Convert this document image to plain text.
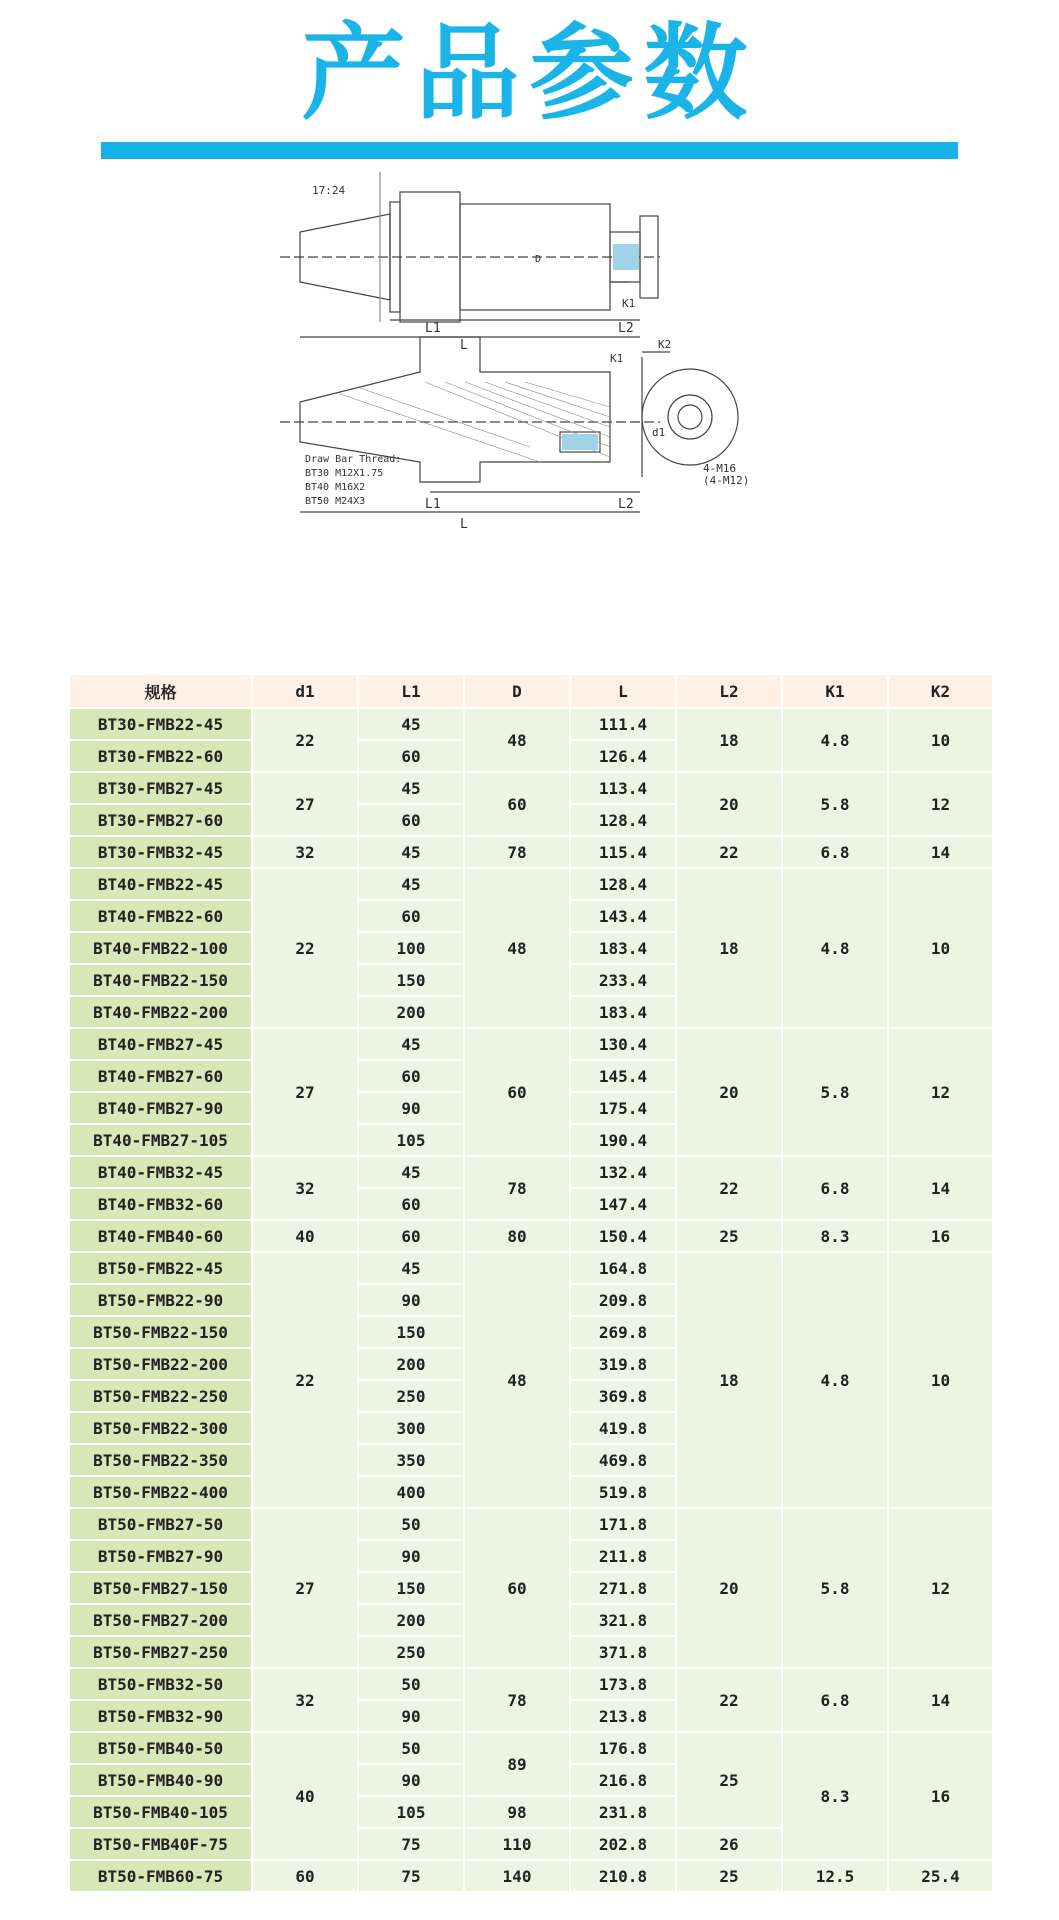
产品参数
17:24
L1	L2
L
K1
D
d1
K1
K2
L1	L2
L
4-M16
(4-M12)
Draw Bar Thread:
BT30 M12X1.75
BT40 M16X2
BT50 M24X3
规格	d1	L1	D	L	L2	K1	K2
BT30-FMB22-45	22	45	48	111.4	18	4.8	10
BT30-FMB22-60		60		126.4			
BT30-FMB27-45	27	45	60	113.4	20	5.8	12
BT30-FMB27-60		60		128.4			
BT30-FMB32-45	32	45	78	115.4	22	6.8	14
BT40-FMB22-45	22	45	48	128.4	18	4.8	10
BT40-FMB22-60		60		143.4			
BT40-FMB22-100		100		183.4			
BT40-FMB22-150		150		233.4			
BT40-FMB22-200		200		183.4			
BT40-FMB27-45	27	45	60	130.4	20	5.8	12
BT40-FMB27-60		60		145.4			
BT40-FMB27-90		90		175.4			
BT40-FMB27-105		105		190.4			
BT40-FMB32-45	32	45	78	132.4	22	6.8	14
BT40-FMB32-60		60		147.4			
BT40-FMB40-60	40	60	80	150.4	25	8.3	16
BT50-FMB22-45	22	45	48	164.8	18	4.8	10
BT50-FMB22-90		90		209.8			
BT50-FMB22-150		150		269.8			
BT50-FMB22-200		200		319.8			
BT50-FMB22-250		250		369.8			
BT50-FMB22-300		300		419.8			
BT50-FMB22-350		350		469.8			
BT50-FMB22-400		400		519.8			
BT50-FMB27-50	27	50	60	171.8	20	5.8	12
BT50-FMB27-90		90		211.8			
BT50-FMB27-150		150		271.8			
BT50-FMB27-200		200		321.8			
BT50-FMB27-250		250		371.8			
BT50-FMB32-50	32	50	78	173.8	22	6.8	14
BT50-FMB32-90		90		213.8			
BT50-FMB40-50	40	50	89	176.8	25	8.3	16
BT50-FMB40-90		90		216.8			
BT50-FMB40-105		105	98	231.8			
BT50-FMB40F-75		75	110	202.8	26		
BT50-FMB60-75	60	75	140	210.8	25	12.5	25.4
